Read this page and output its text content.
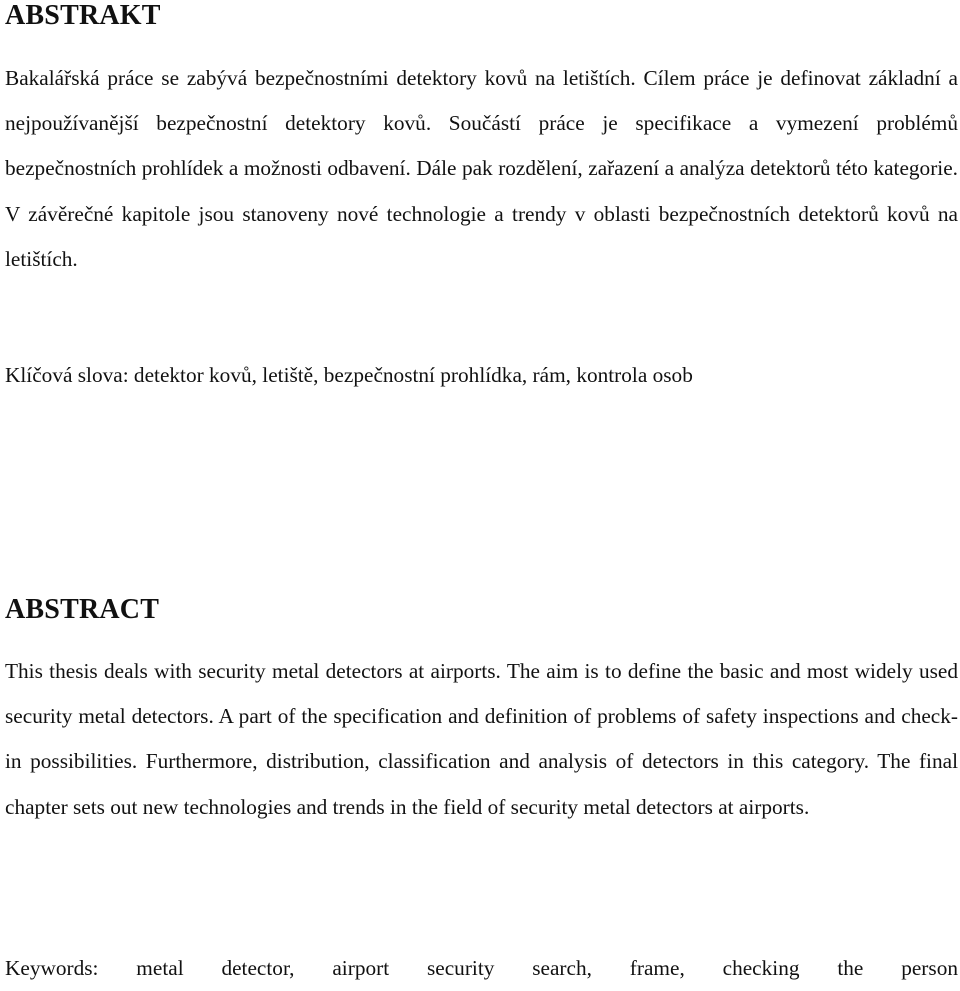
ABSTRAKT

Bakalářská práce se zabývá bezpečnostními detektory kovů na letištích. Cílem práce je definovat základní a nejpoužívanější bezpečnostní detektory kovů. Součástí práce je specifikace a vymezení problémů bezpečnostních prohlídek a možnosti odbavení. Dále pak rozdělení, zařazení a analýza detektorů této kategorie. V závěrečné kapitole jsou stanoveny nové technologie a trendy v oblasti bezpečnostních detektorů kovů na letištích.

Klíčová slova: detektor kovů, letiště, bezpečnostní prohlídka, rám, kontrola osob

ABSTRACT

This thesis deals with security metal detectors at airports. The aim is to define the basic and most widely used security metal detectors. A part of the specification and definition of problems of safety inspections and check-in possibilities. Furthermore, distribution, classification and analysis of detectors in this category. The final chapter sets out new technologies and trends in the field of security metal detectors at airports.

Keywords: metal detector, airport security search, frame, checking the person
